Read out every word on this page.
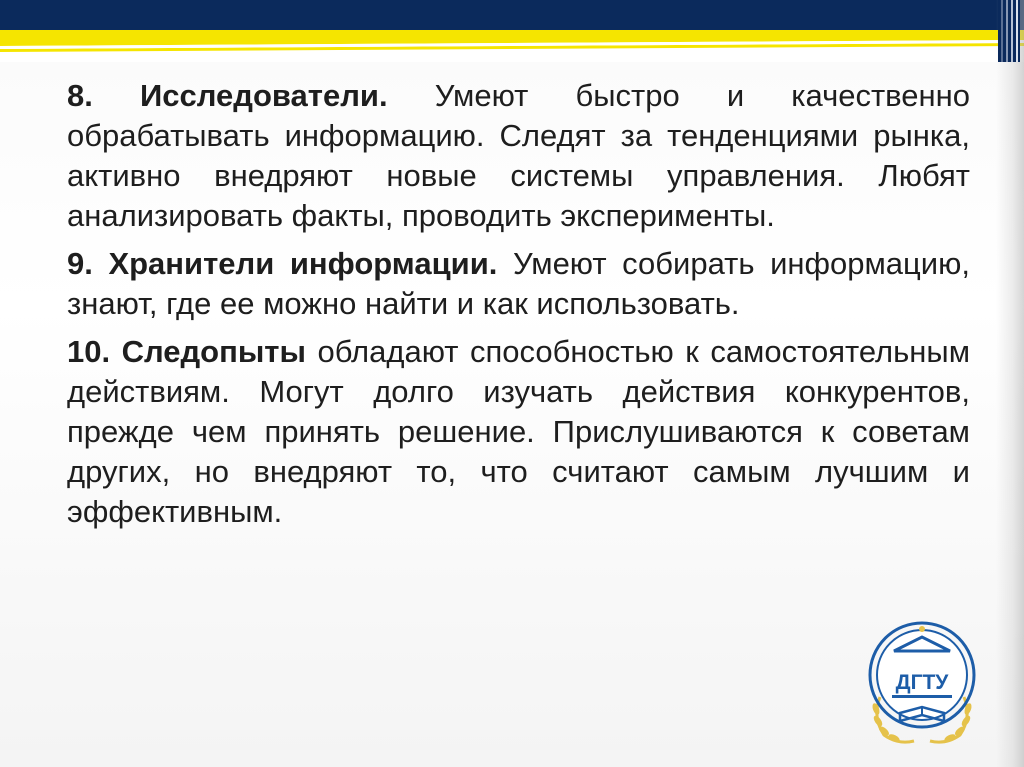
8. Исследователи. Умеют быстро и качественно обрабатывать информацию. Следят за тенденциями рынка, активно внедряют новые системы управления. Любят анализировать факты, проводить эксперименты.

9. Хранители информации. Умеют собирать информацию, знают, где ее можно найти и как использовать.

10. Следопыты обладают способностью к самостоятельным действиям. Могут долго изучать действия конкурентов, прежде чем принять решение. Прислушиваются к советам других, но внедряют то, что считают самым лучшим и эффективным.

ДГТУ
